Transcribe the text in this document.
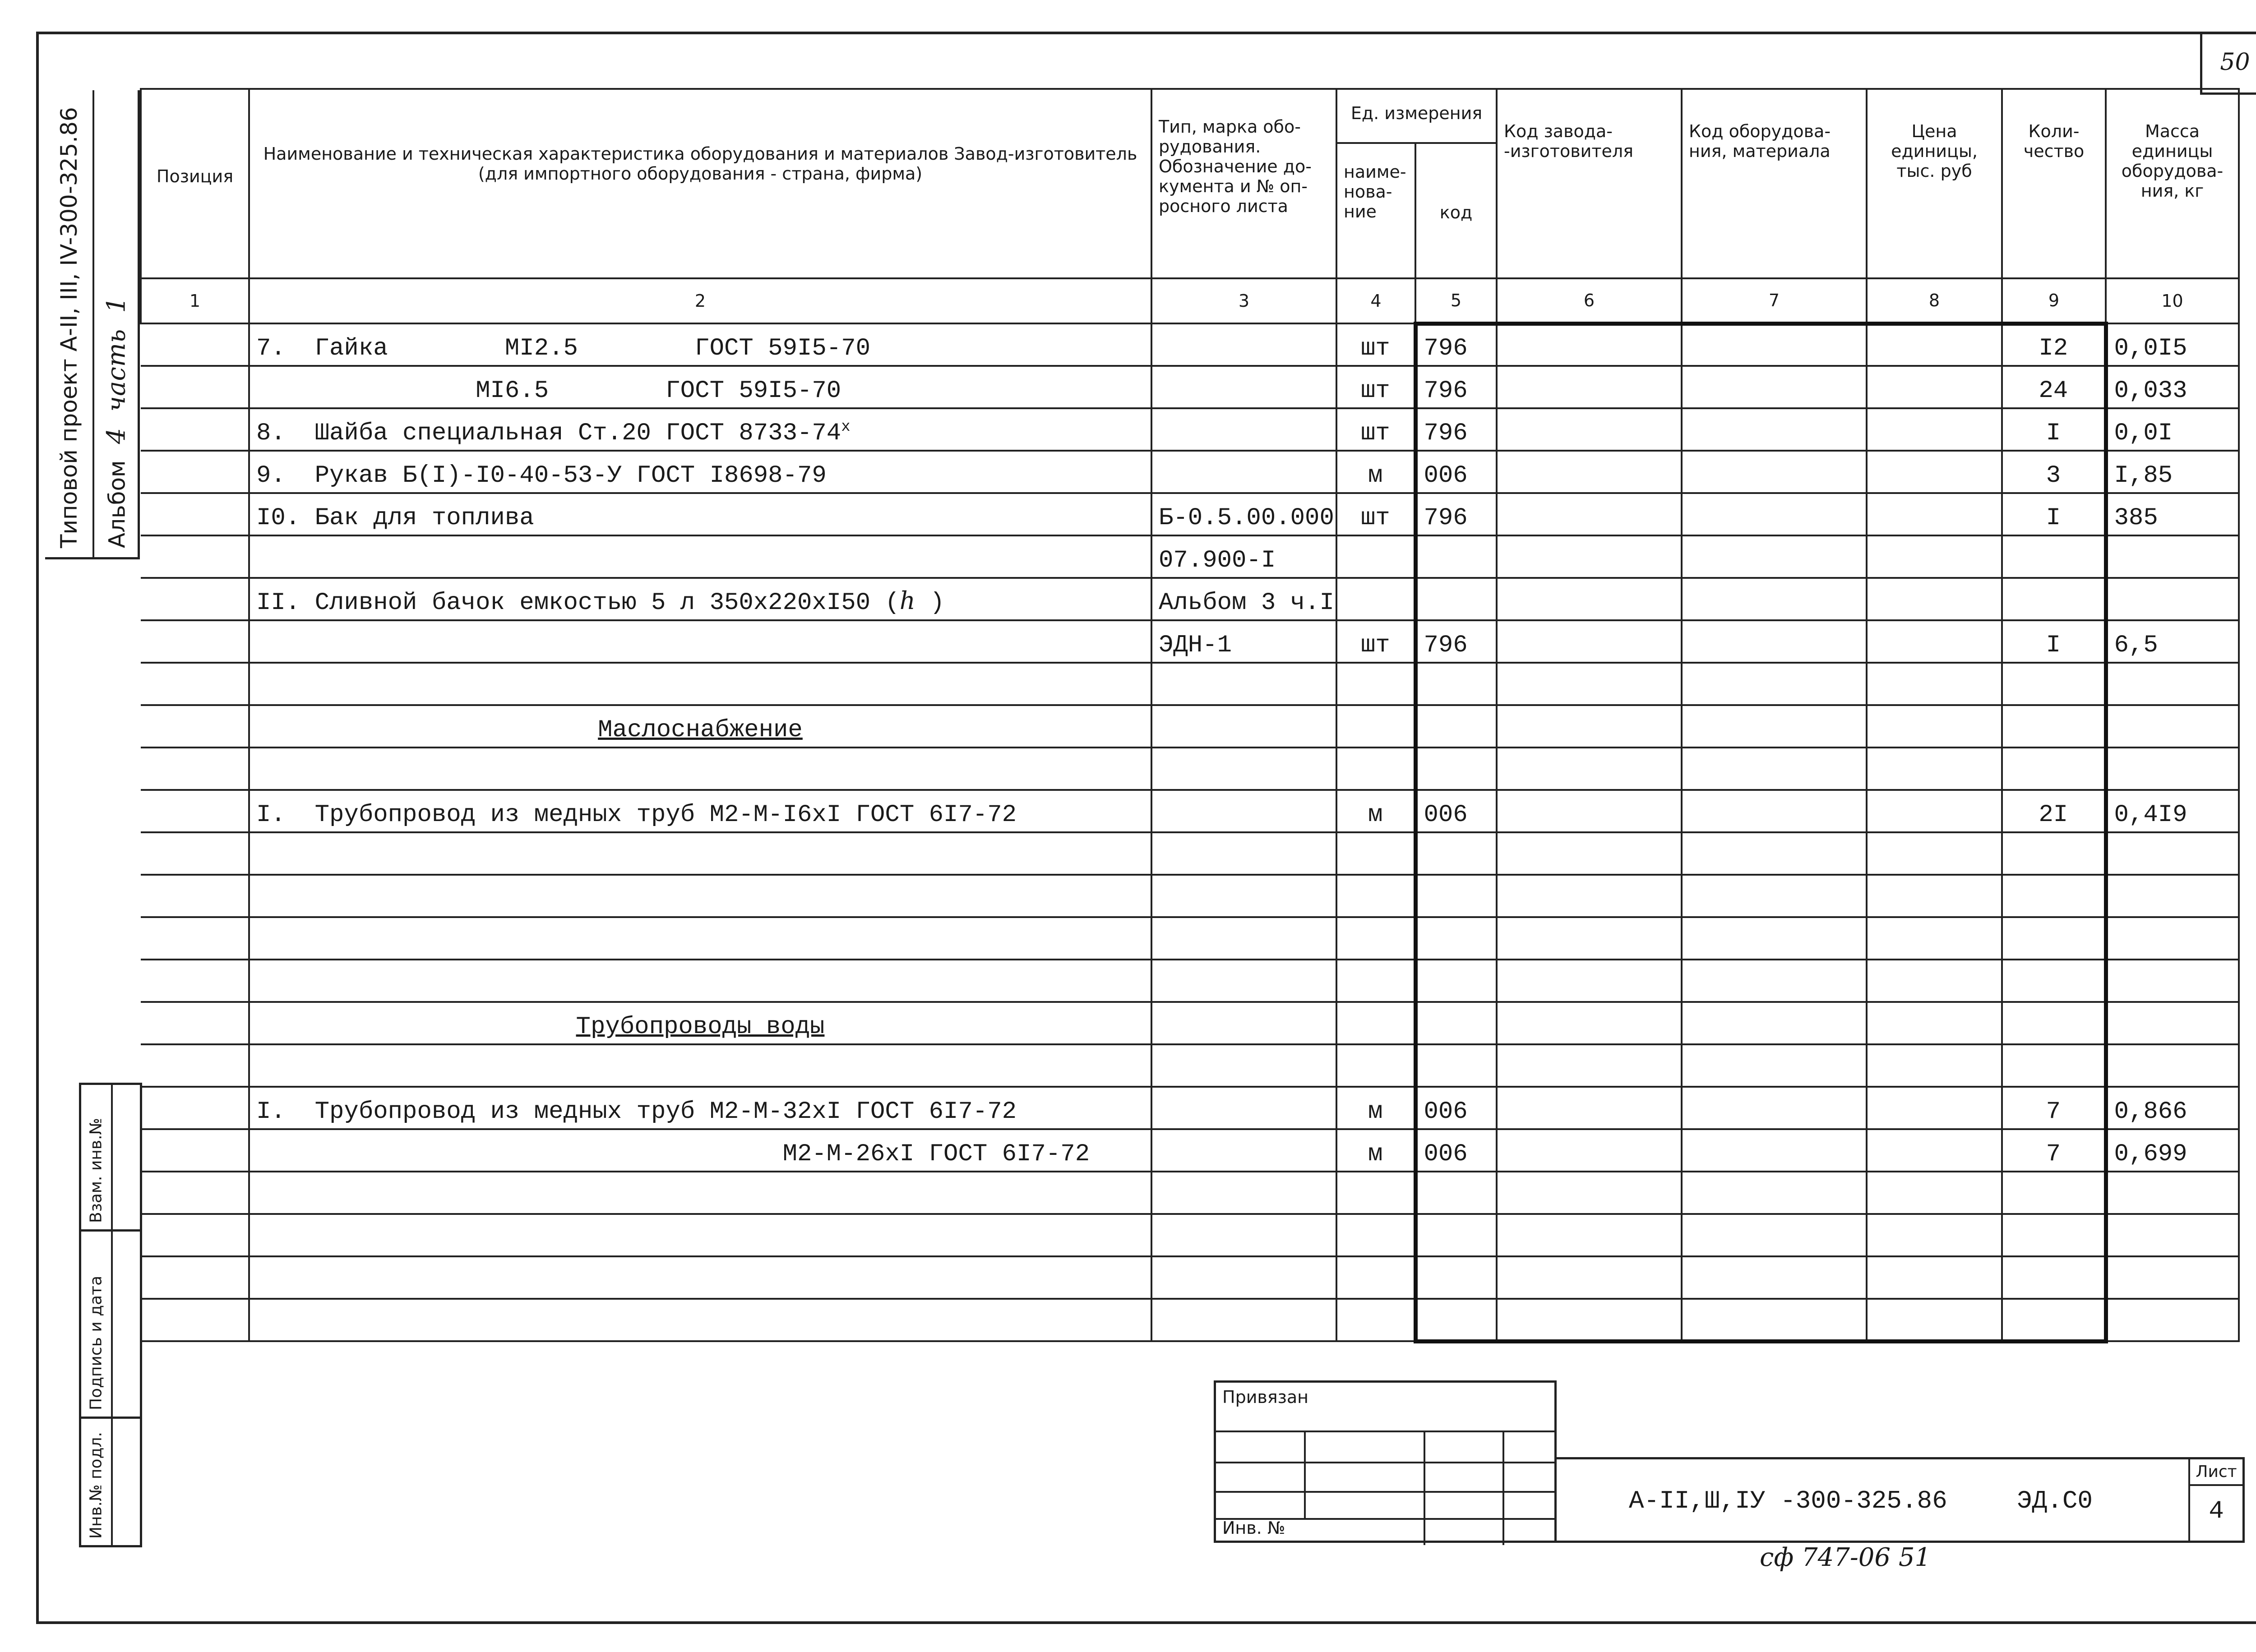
50
Типовой проект А-II, III, IV-300-325.86 Альбом 4 часть 1
Взам. инв.№
Подпись и дата
Инв.№ подл.
Позиция	Наименование и техническая характеристика оборудования и материалов Завод-изготовитель (для импортного оборудования - страна, фирма)	Тип, марка обо- рудования. Обозначение до- кумента и № оп- росного листа	Ед. измерения		Код завода- -изготовителя	Код оборудова- ния, материала	Цена единицы, тыс. руб	Коли- чество	Масса единицы оборудова- ния, кг
			наиме- нова- ние	код					
1	2	3	4	5	6	7	8	9	10
	7.  Гайка        МI2.5        ГОСТ 59I5-70		шт	796				I2	0,0I5
	МI6.5        ГОСТ 59I5-70		шт	796				24	0,033
	8.  Шайба специальная Ст.20 ГОСТ 8733-74$^x$		шт	796				I	0,0I
	9.  Рукав Б(I)-I0-40-53-У ГОСТ I8698-79		м	006				3	I,85
	I0. Бак для топлива	Б-0.5.00.000	шт	796				I	385
		07.900-I							
	II. Сливной бачок емкостью 5 л 350х220хI50 (h )	Альбом 3 ч.I							
		ЭДН-1	шт	796				I	6,5

	Маслоснабжение								

	I.  Трубопровод из медных труб М2-М-I6хI ГОСТ 6I7-72		м	006				2I	0,4I9

	Трубопроводы воды								

	I.  Трубопровод из медных труб М2-М-32хI ГОСТ 6I7-72		м	006				7	0,866
	М2-М-26хI ГОСТ 6I7-72		м	006				7	0,699

Привязан
Инв. №
А-II,Ш,IУ -300-325.86	ЭД.С0
Лист
4
сф 747-06 51
